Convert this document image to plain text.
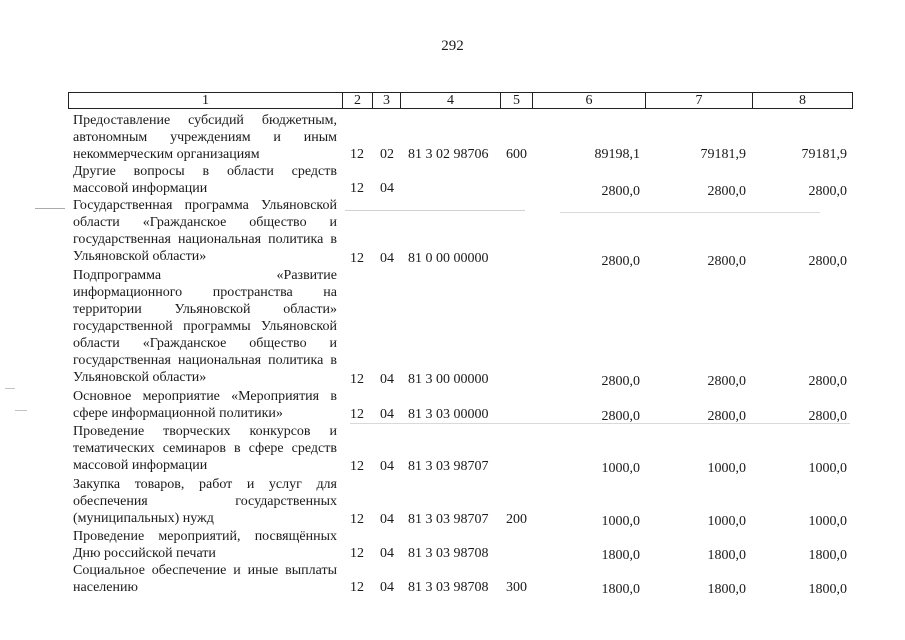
292
1	2	3	4	5	6	7	8
Предоставление субсидий бюджетным, автономным учреждениям и иным некоммерческим организациям	12 02 81 3 02 98706 600	89198,1	79181,9	79181,9
Другие вопросы в области средств массовой информации	12 04	2800,0	2800,0	2800,0
Государственная программа Ульяновской области «Гражданское общество и государственная национальная политика в Ульяновской области»	12 04 81 0 00 00000	2800,0	2800,0	2800,0
Подпрограмма «Развитие информационного пространства на территории Ульяновской области» государственной программы Ульяновской области «Гражданское общество и государственная национальная политика в Ульяновской области»	12 04 81 3 00 00000	2800,0	2800,0	2800,0
Основное мероприятие «Мероприятия в сфере информационной политики»	12 04 81 3 03 00000	2800,0	2800,0	2800,0
Проведение творческих конкурсов и тематических семинаров в сфере средств массовой информации	12 04 81 3 03 98707	1000,0	1000,0	1000,0
Закупка товаров, работ и услуг для обеспечения государственных (муниципальных) нужд	12 04 81 3 03 98707 200	1000,0	1000,0	1000,0
Проведение мероприятий, посвящённых Дню российской печати	12 04 81 3 03 98708	1800,0	1800,0	1800,0
Социальное обеспечение и иные выплаты населению	12 04 81 3 03 98708 300	1800,0	1800,0	1800,0
